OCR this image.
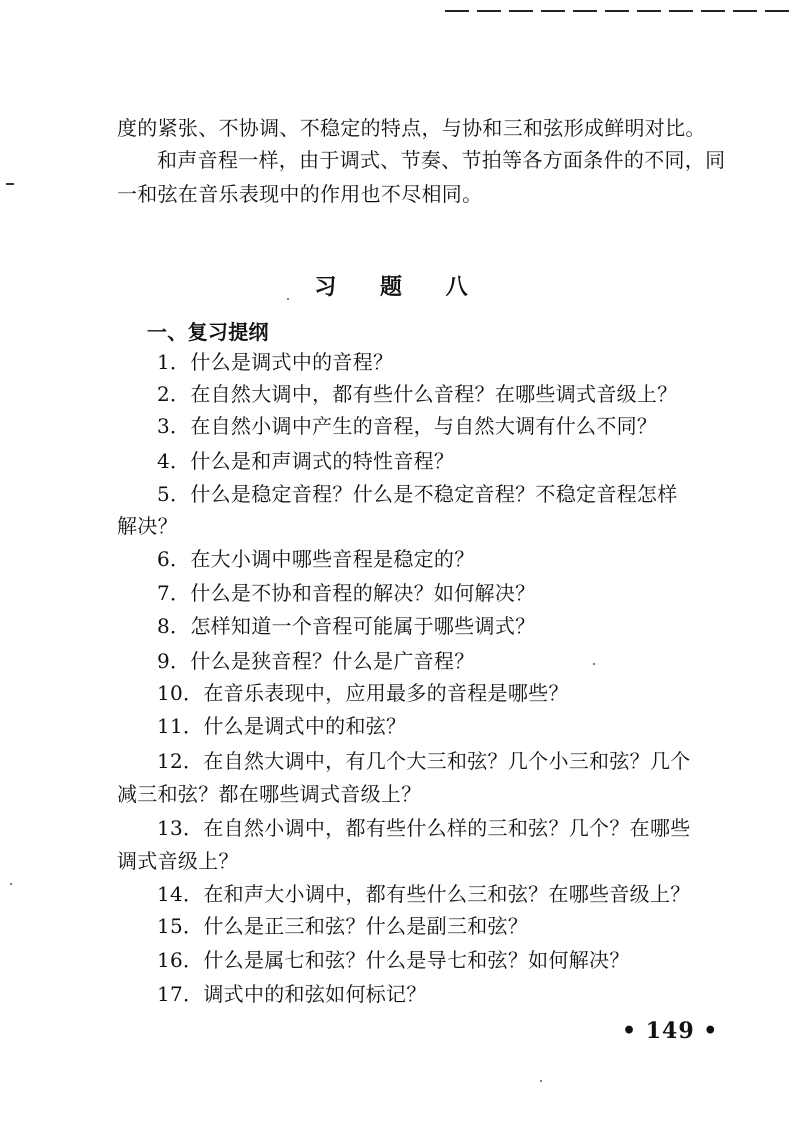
度的紧张、不协调、不稳定的特点，与协和三和弦形成鲜明对比。
和声音程一样，由于调式、节奏、节拍等各方面条件的不同，同
一和弦在音乐表现中的作用也不尽相同。
习 题 八
一、复习提纲
1．什么是调式中的音程？
2．在自然大调中，都有些什么音程？在哪些调式音级上？
3．在自然小调中产生的音程，与自然大调有什么不同？
4．什么是和声调式的特性音程？
5．什么是稳定音程？什么是不稳定音程？不稳定音程怎样
解决？
6．在大小调中哪些音程是稳定的？
7．什么是不协和音程的解决？如何解决？
8．怎样知道一个音程可能属于哪些调式？
9．什么是狭音程？什么是广音程？
10．在音乐表现中，应用最多的音程是哪些？
11．什么是调式中的和弦？
12．在自然大调中，有几个大三和弦？几个小三和弦？几个
减三和弦？都在哪些调式音级上？
13．在自然小调中，都有些什么样的三和弦？几个？在哪些
调式音级上？
14．在和声大小调中，都有些什么三和弦？在哪些音级上？
15．什么是正三和弦？什么是副三和弦？
16．什么是属七和弦？什么是导七和弦？如何解决？
17．调式中的和弦如何标记？
• 149 •
